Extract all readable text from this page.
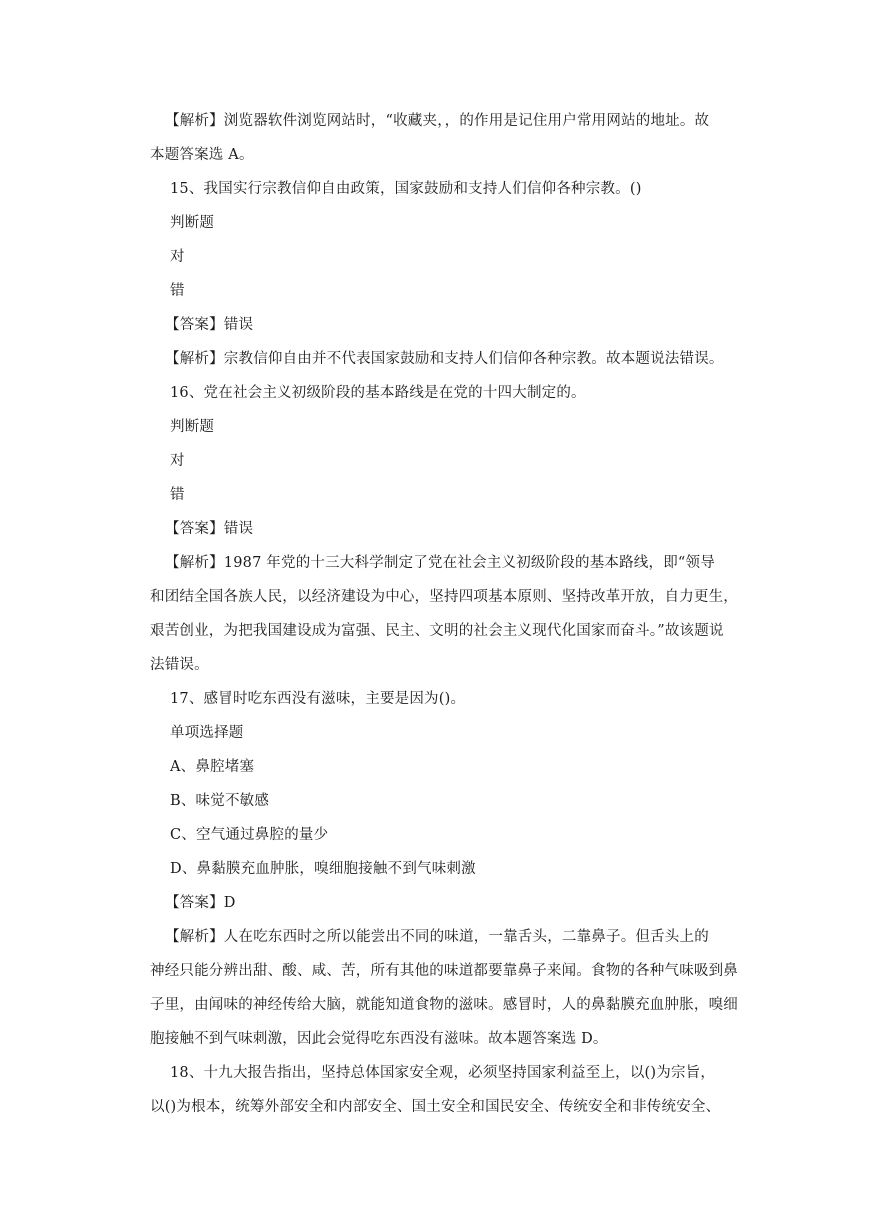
【解析】浏览器软件浏览网站时，“收藏夹，，的作用是记住用户常用网站的地址。故
本题答案选 A。
15、我国实行宗教信仰自由政策，国家鼓励和支持人们信仰各种宗教。()
判断题
对
错
【答案】错误
【解析】宗教信仰自由并不代表国家鼓励和支持人们信仰各种宗教。故本题说法错误。
16、党在社会主义初级阶段的基本路线是在党的十四大制定的。
判断题
对
错
【答案】错误
【解析】1987 年党的十三大科学制定了党在社会主义初级阶段的基本路线，即“领导
和团结全国各族人民，以经济建设为中心，坚持四项基本原则、坚持改革开放，自力更生，
艰苦创业，为把我国建设成为富强、民主、文明的社会主义现代化国家而奋斗。”故该题说
法错误。
17、感冒时吃东西没有滋味，主要是因为()。
单项选择题
A、鼻腔堵塞
B、味觉不敏感
C、空气通过鼻腔的量少
D、鼻黏膜充血肿胀，嗅细胞接触不到气味刺激
【答案】D
【解析】人在吃东西时之所以能尝出不同的味道，一靠舌头，二靠鼻子。但舌头上的
神经只能分辨出甜、酸、咸、苦，所有其他的味道都要靠鼻子来闻。食物的各种气味吸到鼻
子里，由闻味的神经传给大脑，就能知道食物的滋味。感冒时，人的鼻黏膜充血肿胀，嗅细
胞接触不到气味刺激，因此会觉得吃东西没有滋味。故本题答案选 D。
18、十九大报告指出，坚持总体国家安全观，必须坚持国家利益至上，以()为宗旨，
以()为根本，统筹外部安全和内部安全、国土安全和国民安全、传统安全和非传统安全、
